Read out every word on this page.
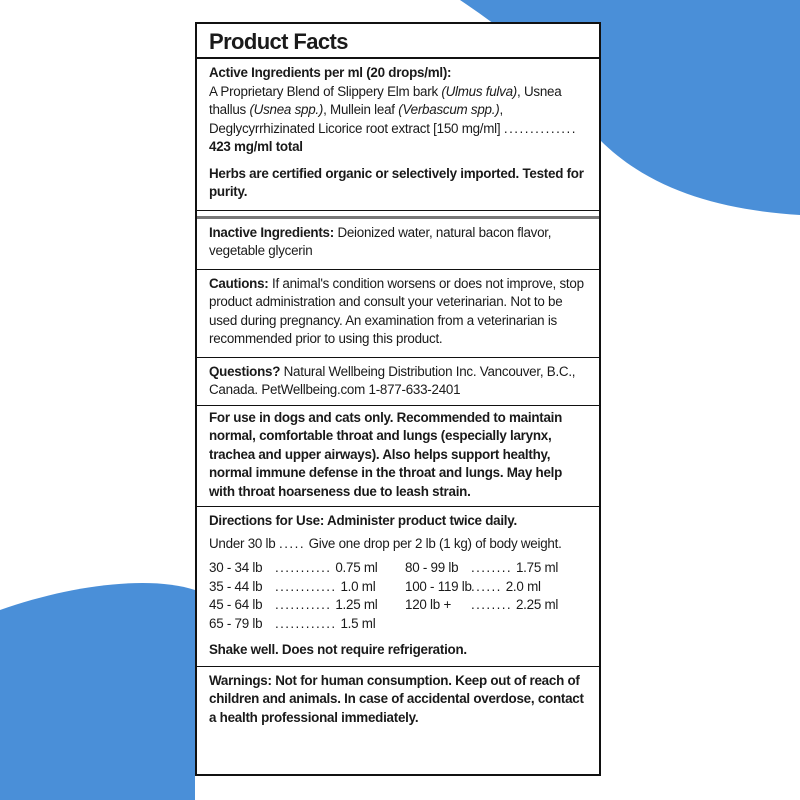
Product Facts
Active Ingredients per ml (20 drops/ml):
A Proprietary Blend of Slippery Elm bark (Ulmus fulva), Usnea thallus (Usnea spp.), Mullein leaf (Verbascum spp.), Deglycyrrhizinated Licorice root extract [150 mg/ml] .............. 423 mg/ml total
Herbs are certified organic or selectively imported. Tested for purity.
Inactive Ingredients: Deionized water, natural bacon flavor, vegetable glycerin
Cautions: If animal's condition worsens or does not improve, stop product administration and consult your veterinarian. Not to be used during pregnancy. An examination from a veterinarian is recommended prior to using this product.
Questions? Natural Wellbeing Distribution Inc. Vancouver, B.C., Canada. PetWellbeing.com 1-877-633-2401
For use in dogs and cats only. Recommended to maintain normal, comfortable throat and lungs (especially larynx, trachea and upper airways). Also helps support healthy, normal immune defense in the throat and lungs. May help with throat hoarseness due to leash strain.
Directions for Use: Administer product twice daily.
Under 30 lb ..... Give one drop per 2 lb (1 kg) of body weight.
30 - 34 lb ........... 0.75 ml
35 - 44 lb ............ 1.0 ml
45 - 64 lb ........... 1.25 ml
65 - 79 lb ............ 1.5 ml
80 - 99 lb ........ 1.75 ml
100 - 119 lb ...... 2.0 ml
120 lb +	........ 2.25 ml
Shake well. Does not require refrigeration.
Warnings: Not for human consumption. Keep out of reach of children and animals. In case of accidental overdose, contact a health professional immediately.
